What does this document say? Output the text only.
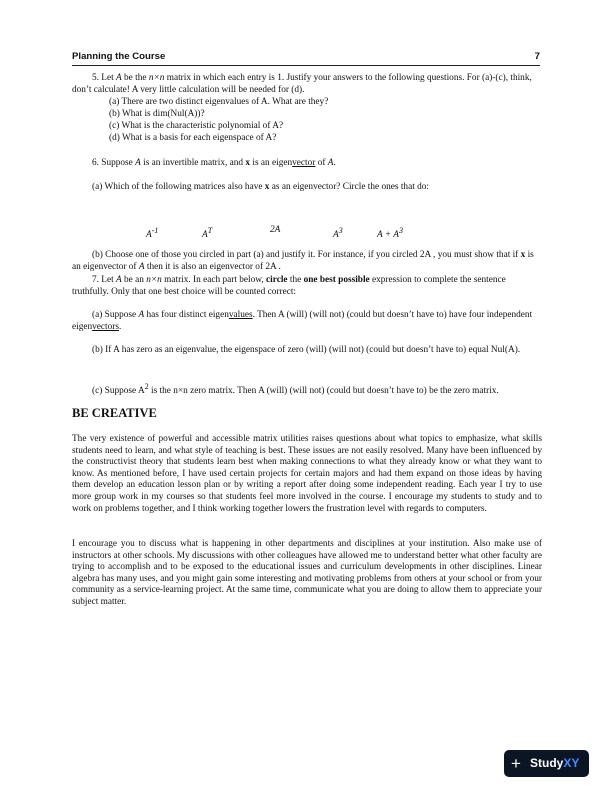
Planning the Course	7

5. Let A be the n×n matrix in which each entry is 1. Justify your answers to the following questions. For (a)-(c), think, don’t calculate! A very little calculation will be needed for (d).

(a) There are two distinct eigenvalues of A. What are they?

(b) What is dim(Nul(A))?

(c) What is the characteristic polynomial of A?

(d) What is a basis for each eigenspace of A?

6. Suppose A is an invertible matrix, and x is an eigenvector of A.

(a) Which of the following matrices also have x as an eigenvector? Circle the ones that do:

$A^{-1}$	$A^T$	2A
$A^3$	$A + A^3$

(b) Choose one of those you circled in part (a) and justify it. For instance, if you circled 2A , you must show that if x is an eigenvector of A then it is also an eigenvector of 2A .

7. Let A be an n×n matrix. In each part below, circle the one best possible expression to complete the sentence truthfully. Only that one best choice will be counted correct:

(a) Suppose A has four distinct eigenvalues. Then A (will) (will not) (could but doesn’t have to) have four independent eigenvectors.

(b) If A has zero as an eigenvalue, the eigenspace of zero (will) (will not) (could but doesn’t have to) equal Nul(A).

(c) Suppose $A^2$ is the n×n zero matrix. Then A (will) (will not) (could but doesn’t have to) be the zero matrix.

BE CREATIVE

The very existence of powerful and accessible matrix utilities raises questions about what topics to emphasize, what skills students need to learn, and what style of teaching is best. These issues are not easily resolved. Many have been influenced by the constructivist theory that students learn best when making connections to what they already know or what they want to know. As mentioned before, I have used certain projects for certain majors and had them expand on those ideas by having them develop an education lesson plan or by writing a report after doing some independent reading. Each year I try to use more group work in my courses so that students feel more involved in the course. I encourage my students to study and to work on problems together, and I think working together lowers the frustration level with regards to computers.

I encourage you to discuss what is happening in other departments and disciplines at your institution. Also make use of instructors at other schools. My discussions with other colleagues have allowed me to understand better what other faculty are trying to accomplish and to be exposed to the educational issues and curriculum developments in other disciplines. Linear algebra has many uses, and you might gain some interesting and motivating problems from others at your school or from your community as a service-learning project. At the same time, communicate what you are doing to allow them to appreciate your subject matter.

+ StudyXY
